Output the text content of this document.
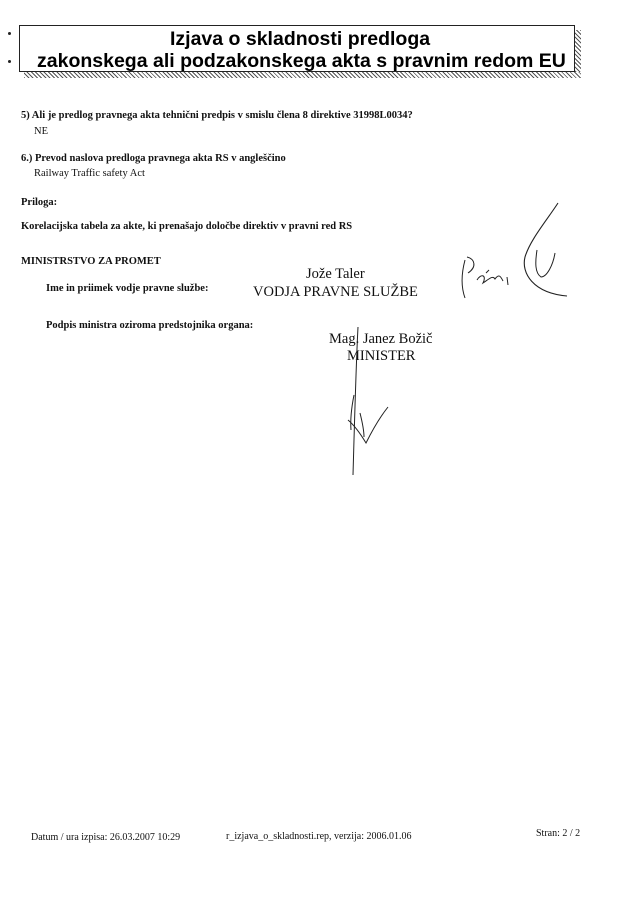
Izjava o skladnosti predloga
zakonskega ali podzakonskega akta s pravnim redom EU
5) Ali je predlog pravnega akta tehnični predpis v smislu člena 8 direktive 31998L0034?
NE
6.) Prevod naslova predloga pravnega akta RS v angleščino
Railway Traffic safety Act
Priloga:
Korelacijska tabela za akte, ki prenašajo določbe direktiv v pravni red RS
MINISTRSTVO ZA PROMET
Ime in priimek vodje pravne službe:
Jože Taler
VODJA PRAVNE SLUŽBE
Podpis ministra oziroma predstojnika organa:
Mag. Janez Božič
MINISTER
Datum / ura izpisa: 26.03.2007 10:29	r_izjava_o_skladnosti.rep, verzija: 2006.01.06	Stran: 2 / 2
